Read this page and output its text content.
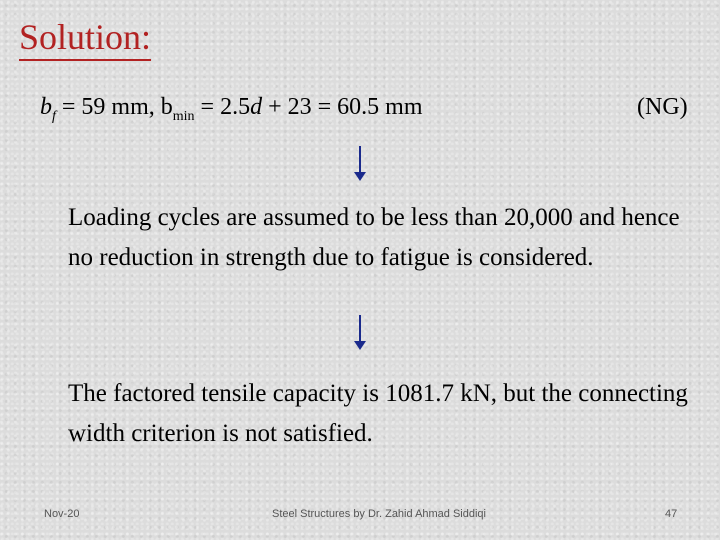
Solution:
$b_f = 59$ mm, $b_{min} = 2.5d + 23 = 60.5$ mm	(NG)
Loading cycles are assumed to be less than 20,000 and hence no reduction in strength due to fatigue is considered.
The factored tensile capacity is 1081.7 kN, but the connecting width criterion is not satisfied.
Nov-20	Steel Structures by Dr. Zahid Ahmad Siddiqi	47
